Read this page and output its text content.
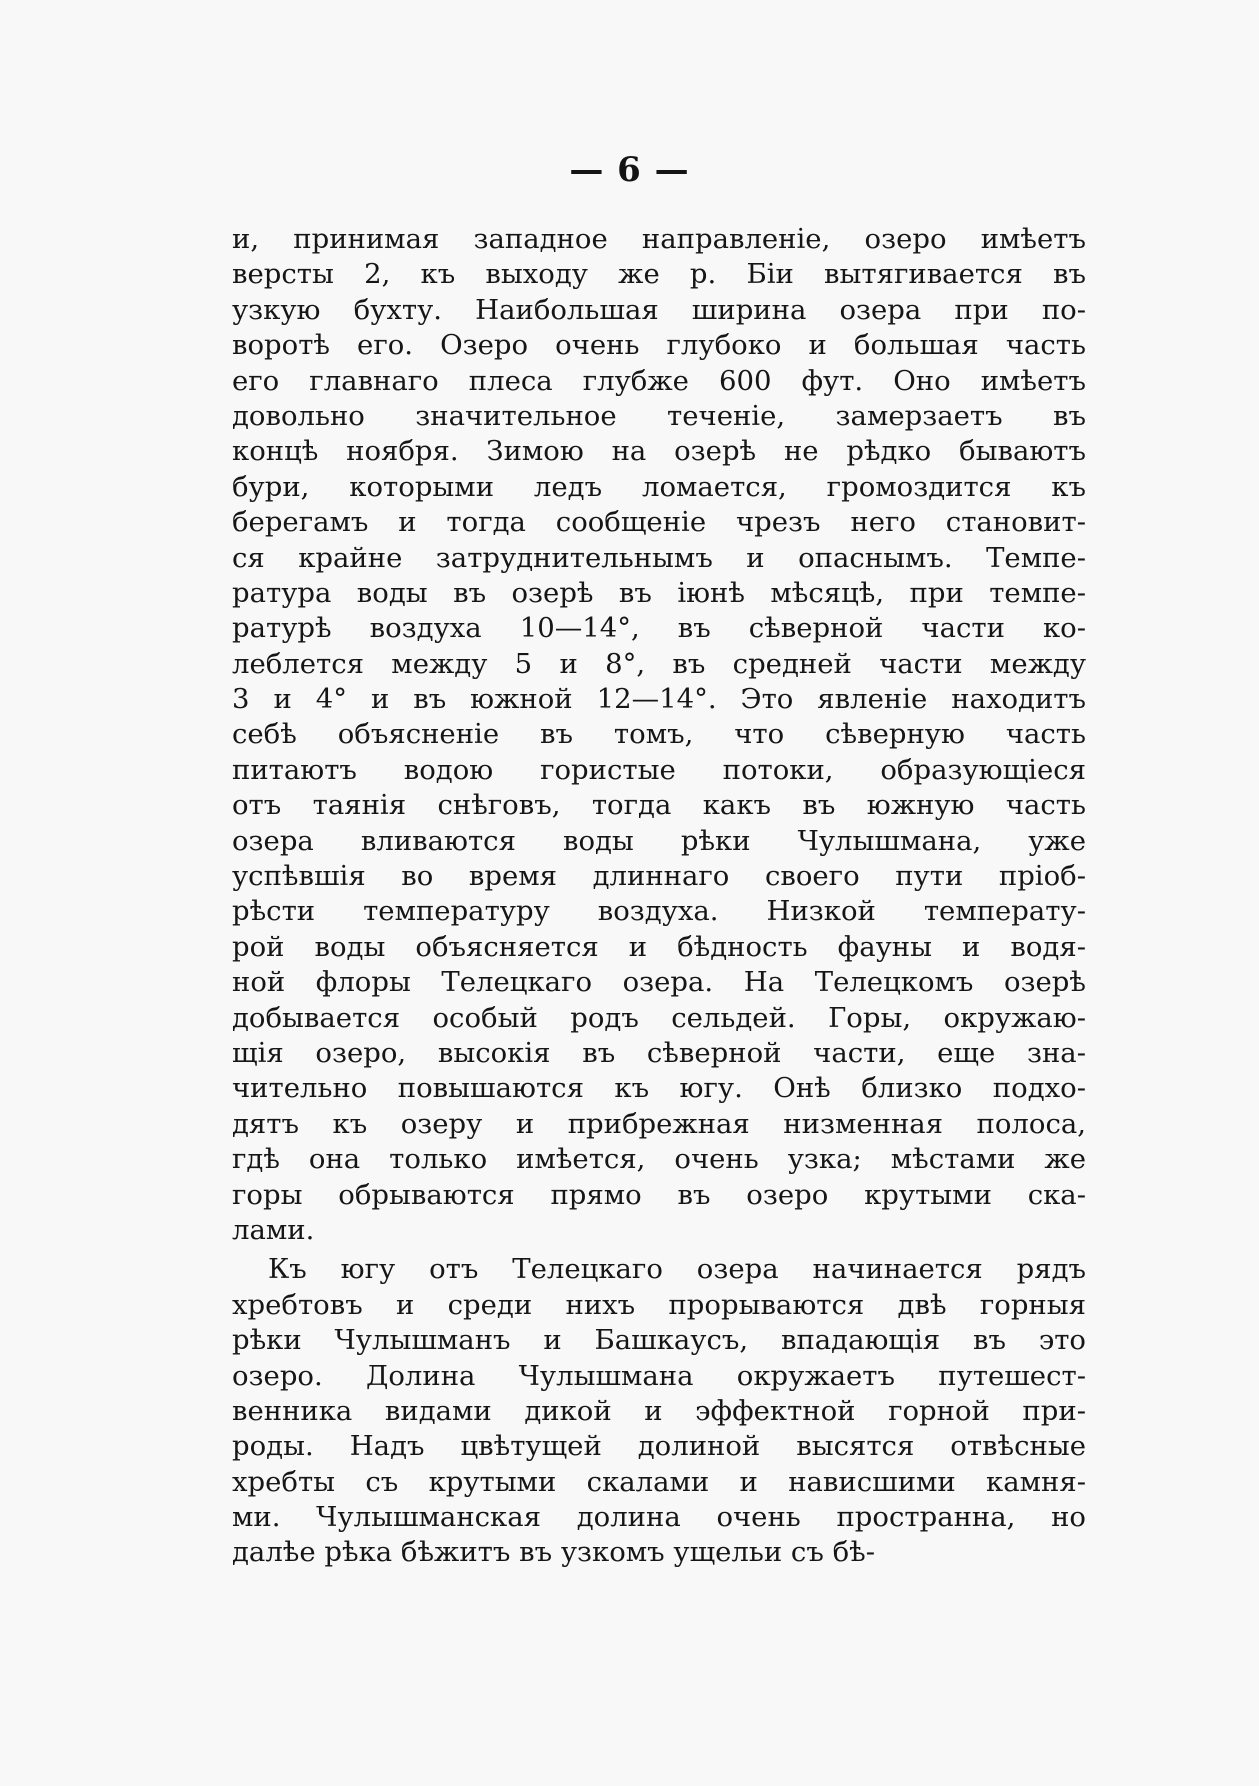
— 6 —
и, принимая западное направленіе, озеро имѣетъ
версты 2, къ выходу же р. Біи вытягивается въ
узкую бухту. Наибольшая ширина озера при по-
воротѣ его. Озеро очень глубоко и большая часть
его главнаго плеса глубже 600 фут. Оно имѣетъ
довольно значительное теченіе, замерзаетъ въ
концѣ ноября. Зимою на озерѣ не рѣдко бываютъ
бури, которыми ледъ ломается, громоздится къ
берегамъ и тогда сообщеніе чрезъ него становит-
ся крайне затруднительнымъ и опаснымъ. Темпе-
ратура воды въ озерѣ въ іюнѣ мѣсяцѣ, при темпе-
ратурѣ воздуха 10—14°, въ сѣверной части ко-
леблется между 5 и 8°, въ средней части между
3 и 4° и въ южной 12—14°. Это явленіе находитъ
себѣ объясненіе въ томъ, что сѣверную часть
питаютъ водою гористые потоки, образующіеся
отъ таянія снѣговъ, тогда какъ въ южную часть
озера вливаются воды рѣки Чулышмана, уже
успѣвшія во время длиннаго своего пути пріоб-
рѣсти температуру воздуха. Низкой температу-
рой воды объясняется и бѣдность фауны и водя-
ной флоры Телецкаго озера. На Телецкомъ озерѣ
добывается особый родъ сельдей. Горы, окружаю-
щія озеро, высокія въ сѣверной части, еще зна-
чительно повышаются къ югу. Онѣ близко подхо-
дятъ къ озеру и прибрежная низменная полоса,
гдѣ она только имѣется, очень узка; мѣстами же
горы обрываются прямо въ озеро крутыми ска-
лами.
Къ югу отъ Телецкаго озера начинается рядъ
хребтовъ и среди нихъ прорываются двѣ горныя
рѣки Чулышманъ и Башкаусъ, впадающія въ это
озеро. Долина Чулышмана окружаетъ путешест-
венника видами дикой и эффектной горной при-
роды. Надъ цвѣтущей долиной высятся отвѣсные
хребты съ крутыми скалами и нависшими камня-
ми. Чулышманская долина очень пространна, но
далѣе рѣка бѣжитъ въ узкомъ ущельи съ бѣ-
